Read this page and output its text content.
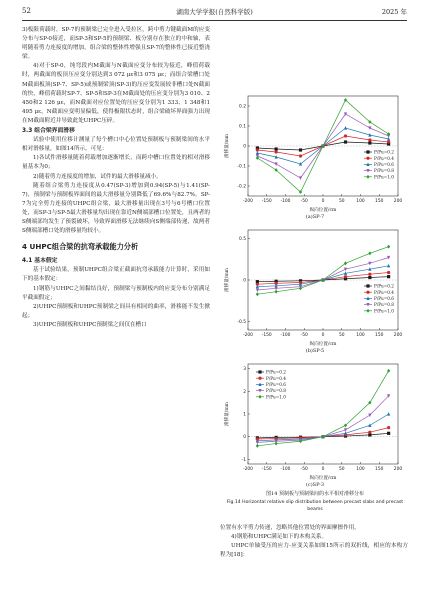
52	湖南大学学报(自然科学版)	2025 年

3)板限荷载时，SP-7的预制梁已完全进入受拉区，跨中剪力键截面M的应变分布与SP-0接近，而SP-3和SP-5的预制梁、板分别存在独立的中和轴，表明随着剪力连接度的增加，组合梁的整体性增强且SP-7的整体性已接近整浇梁。

4)对于SP-0，纯弯段内M截面与N截面应变分布较为接近，峰值荷载时，两截面的板顶压应变分别达到3 072 με和3 075 με；而组合梁槽口处M截面板顶(SP-7、SP-5)或预制梁顶(SP-3)的压应变发展较非槽口处N截面的快，峰值荷载时SP-7、SP-5和SP-3在M截面处的压应变分别为3 010、2 450和2 126 με，而N截面对应位置处的压应变分别为1 333、1 348和1 495 με，N截面应变明显偏低，使得极限状态时，组合梁破坏界面强力出现在M截面附近并导致此处UHPC压碎。

3.3 组合梁界面滑移

试验中使用位移计测量了每个槽口中心位置处预制板与预制梁间的水平相对滑移量，如图14所示。可见：

1)各试件滑移量随着荷载增加逐渐增长，而跨中槽口位置处的相对滑移量基本为0；

2)随着剪力连接度的增加，试件的最大滑移量减小。

随着组合梁剪力连接度从0.47(SP-3)增加到0.94(SP-5)与1.41(SP-7)，预制梁与预制板界面间的最大滑移量分别降低了69.6%与82.7%。SP-7为完全剪力连接的UHPC组合梁，最大滑移量出现在3号与6号槽口位置处，而SP-3与SP-5最大滑移量均出现在靠近N侧端部槽口位置处，且两者的S侧端部均发生了预裂破坏，导致界面滑移无法继续向S侧端部传递，故两者S侧端部槽口处的滑移量均较小。

4 UHPC组合梁的抗弯承载能力分析

4.1 基本假定

基于试验结果，预制UHPC组合梁正截面抗弯承载能力计算时，采用如下的基本假定：

1)钢筋与UHPC之间黏结良好，预制梁与预制板内的应变分布分别满足平截面假定；

2)UHPC预制板和UHPC预制梁之间具有相同的曲率，滑移能不发生掀起；

3)UHPC预制板和UHPC预制梁之间仅在槽口

-200 -150 -100 -50	0	50	100 150 200
-0.2
-0.1
0
0.1
0.2
纵向位置/cm
滑移量/mm	P/Pu=0.2
P/Pu=0.4
P/Pu=0.6
P/Pu=0.8
P/Pu=1.0

(a)SP-7

-200 -150 -100 -50	0	50	100 150 200
-0.5
0
0.5
纵向位置/cm
滑移量/mm	P/Pu=0.2
P/Pu=0.4
P/Pu=0.6
P/Pu=0.8
P/Pu=1.0

(b)SP-5

-200 -150 -100 -50	0	50	100 150 200
-1
0
1
2
3
纵向位置/cm
滑移量/mm
P/Pu=0.2
P/Pu=0.4
P/Pu=0.6
P/Pu=0.8
P/Pu=1.0

(c)SP-3

图14 预制板与预制梁间的水平相对滑移分布
Fig.14 Horizontal relative slip distribution between precast slabs and precast beams

位置有水平剪力传递，忽略其他位置处的界面摩擦作用。

4)钢筋和UHPC满足如下的本构关系。

UHPC单轴受压的应力-应变关系如图15所示的双折线，相应的本构方程为[18]：
